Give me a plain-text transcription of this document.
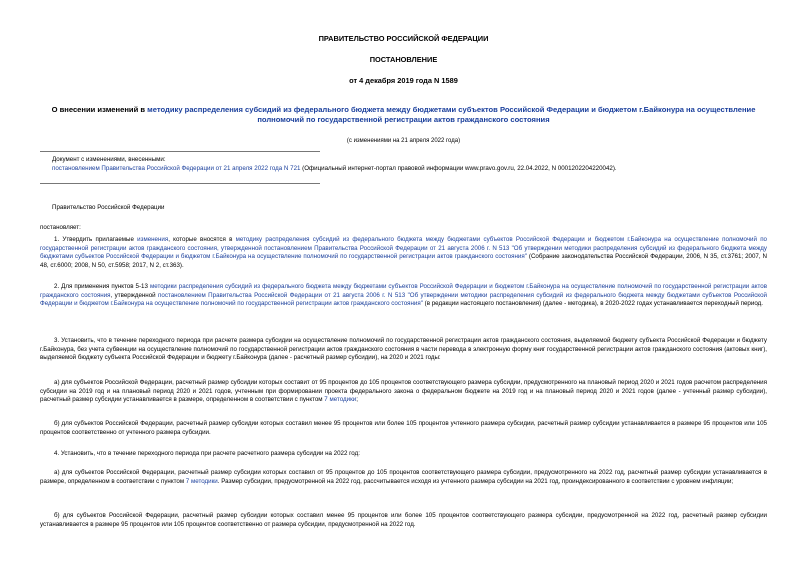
ПРАВИТЕЛЬСТВО РОССИЙСКОЙ ФЕДЕРАЦИИ
ПОСТАНОВЛЕНИЕ
от 4 декабря 2019 года N 1589
О внесении изменений в методику распределения субсидий из федерального бюджета между бюджетами субъектов Российской Федерации и бюджетом г.Байконура на осуществление полномочий по государственной регистрации актов гражданского состояния
(с изменениями на 21 апреля 2022 года)
Документ с изменениями, внесенными:
постановлением Правительства Российской Федерации от 21 апреля 2022 года N 721 (Официальный интернет-портал правовой информации www.pravo.gov.ru, 22.04.2022, N 0001202204220042).
Правительство Российской Федерации
постановляет:
1. Утвердить прилагаемые изменения, которые вносятся в методику распределения субсидий из федерального бюджета между бюджетами субъектов Российской Федерации и бюджетом г.Байконура на осуществление полномочий по государственной регистрации актов гражданского состояния, утвержденной постановлением Правительства Российской Федерации от 21 августа 2006 г. N 513 "Об утверждении методики распределения субсидий из федерального бюджета между бюджетами субъектов Российской Федерации и бюджетом г.Байконура на осуществление полномочий по государственной регистрации актов гражданского состояния" (Собрание законодательства Российской Федерации, 2006, N 35, ст.3761; 2007, N 48, ст.6000; 2008, N 50, ст.5958; 2017, N 2, ст.363).
2. Для применения пунктов 5-13 методики распределения субсидий из федерального бюджета между бюджетами субъектов Российской Федерации и бюджетом г.Байконура на осуществление полномочий по государственной регистрации актов гражданского состояния, утвержденной постановлением Правительства Российской Федерации от 21 августа 2006 г. N 513 "Об утверждении методики распределения субсидий из федерального бюджета между бюджетами субъектов Российской Федерации и бюджетом г.Байконура на осуществление полномочий по государственной регистрации актов гражданского состояния" (в редакции настоящего постановления) (далее - методика), в 2020-2022 годах устанавливается переходный период.
3. Установить, что в течение переходного периода при расчете размера субсидии на осуществление полномочий по государственной регистрации актов гражданского состояния, выделяемой бюджету субъекта Российской Федерации и бюджету г.Байконура, без учета субвенции на осуществление полномочий по государственной регистрации актов гражданского состояния в части перевода в электронную форму книг государственной регистрации актов гражданского состояния (актовых книг), выделяемой бюджету субъекта Российской Федерации и бюджету г.Байконура (далее - расчетный размер субсидии), на 2020 и 2021 годы:
а) для субъектов Российской Федерации, расчетный размер субсидии которых составит от 95 процентов до 105 процентов соответствующего размера субсидии, предусмотренного на плановый период 2020 и 2021 годов расчетом распределения субсидии на 2019 год и на плановый период 2020 и 2021 годов, учтенным при формировании проекта федерального закона о федеральном бюджете на 2019 год и на плановый период 2020 и 2021 годов (далее - учтенный размер субсидии), расчетный размер субсидии устанавливается в размере, определенном в соответствии с пунктом 7 методики;
б) для субъектов Российской Федерации, расчетный размер субсидии которых составил менее 95 процентов или более 105 процентов учтенного размера субсидии, расчетный размер субсидии устанавливается в размере 95 процентов или 105 процентов соответственно от учтенного размера субсидии.
4. Установить, что в течение переходного периода при расчете расчетного размера субсидии на 2022 год:
а) для субъектов Российской Федерации, расчетный размер субсидии которых составил от 95 процентов до 105 процентов соответствующего размера субсидии, предусмотренного на 2022 год, расчетный размер субсидии устанавливается в размере, определенном в соответствии с пунктом 7 методики. Размер субсидии, предусмотренной на 2022 год, рассчитывается исходя из учтенного размера субсидии на 2021 год, проиндексированного в соответствии с уровнем инфляции;
б) для субъектов Российской Федерации, расчетный размер субсидии которых составил менее 95 процентов или более 105 процентов соответствующего размера субсидии, предусмотренной на 2022 год, расчетный размер субсидии устанавливается в размере 95 процентов или 105 процентов соответственно от размера субсидии, предусмотренной на 2022 год.
